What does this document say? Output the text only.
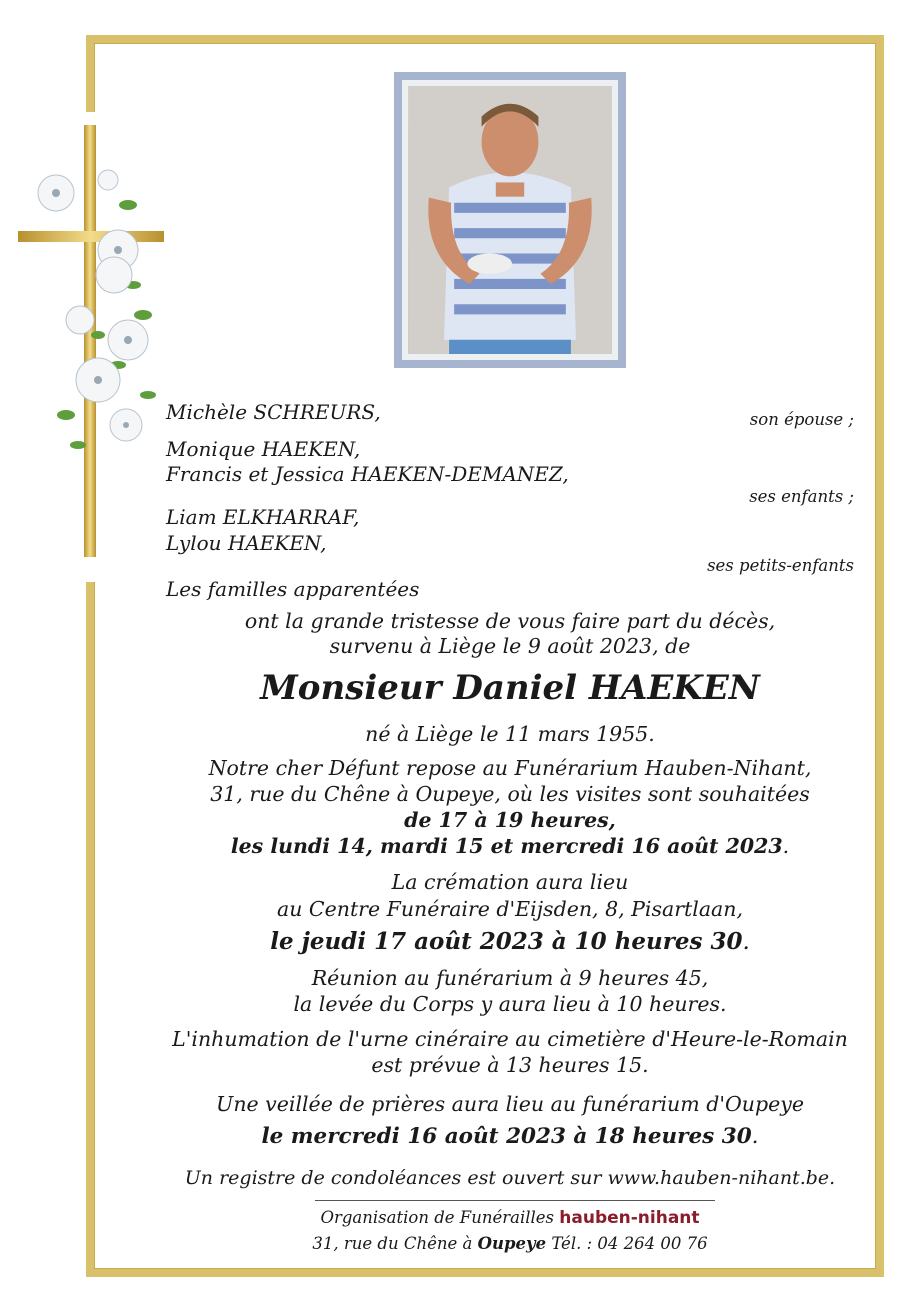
Michèle SCHREURS,	son épouse ;
Monique HAEKEN,
Francis et Jessica HAEKEN-DEMANEZ,
ses enfants ;
Liam ELKHARRAF,
Lylou HAEKEN,
ses petits-enfants
Les familles apparentées
ont la grande tristesse de vous faire part du décès,
survenu à Liège le 9 août 2023, de
Monsieur Daniel HAEKEN
né à Liège le 11 mars 1955.
Notre cher Défunt repose au Funérarium Hauben-Nihant,
31, rue du Chêne à Oupeye, où les visites sont souhaitées
de 17 à 19 heures,
les lundi 14, mardi 15 et mercredi 16 août 2023.
La crémation aura lieu
au Centre Funéraire d'Eijsden, 8, Pisartlaan,
le jeudi 17 août 2023 à 10 heures 30.
Réunion au funérarium à 9 heures 45,
la levée du Corps y aura lieu à 10 heures.
L'inhumation de l'urne cinéraire au cimetière d'Heure-le-Romain
est prévue à 13 heures 15.
Une veillée de prières aura lieu au funérarium d'Oupeye
le mercredi 16 août 2023 à 18 heures 30.
Un registre de condoléances est ouvert sur www.hauben-nihant.be.
Organisation de Funérailles hauben-nihant
31, rue du Chêne à Oupeye Tél. : 04 264 00 76
